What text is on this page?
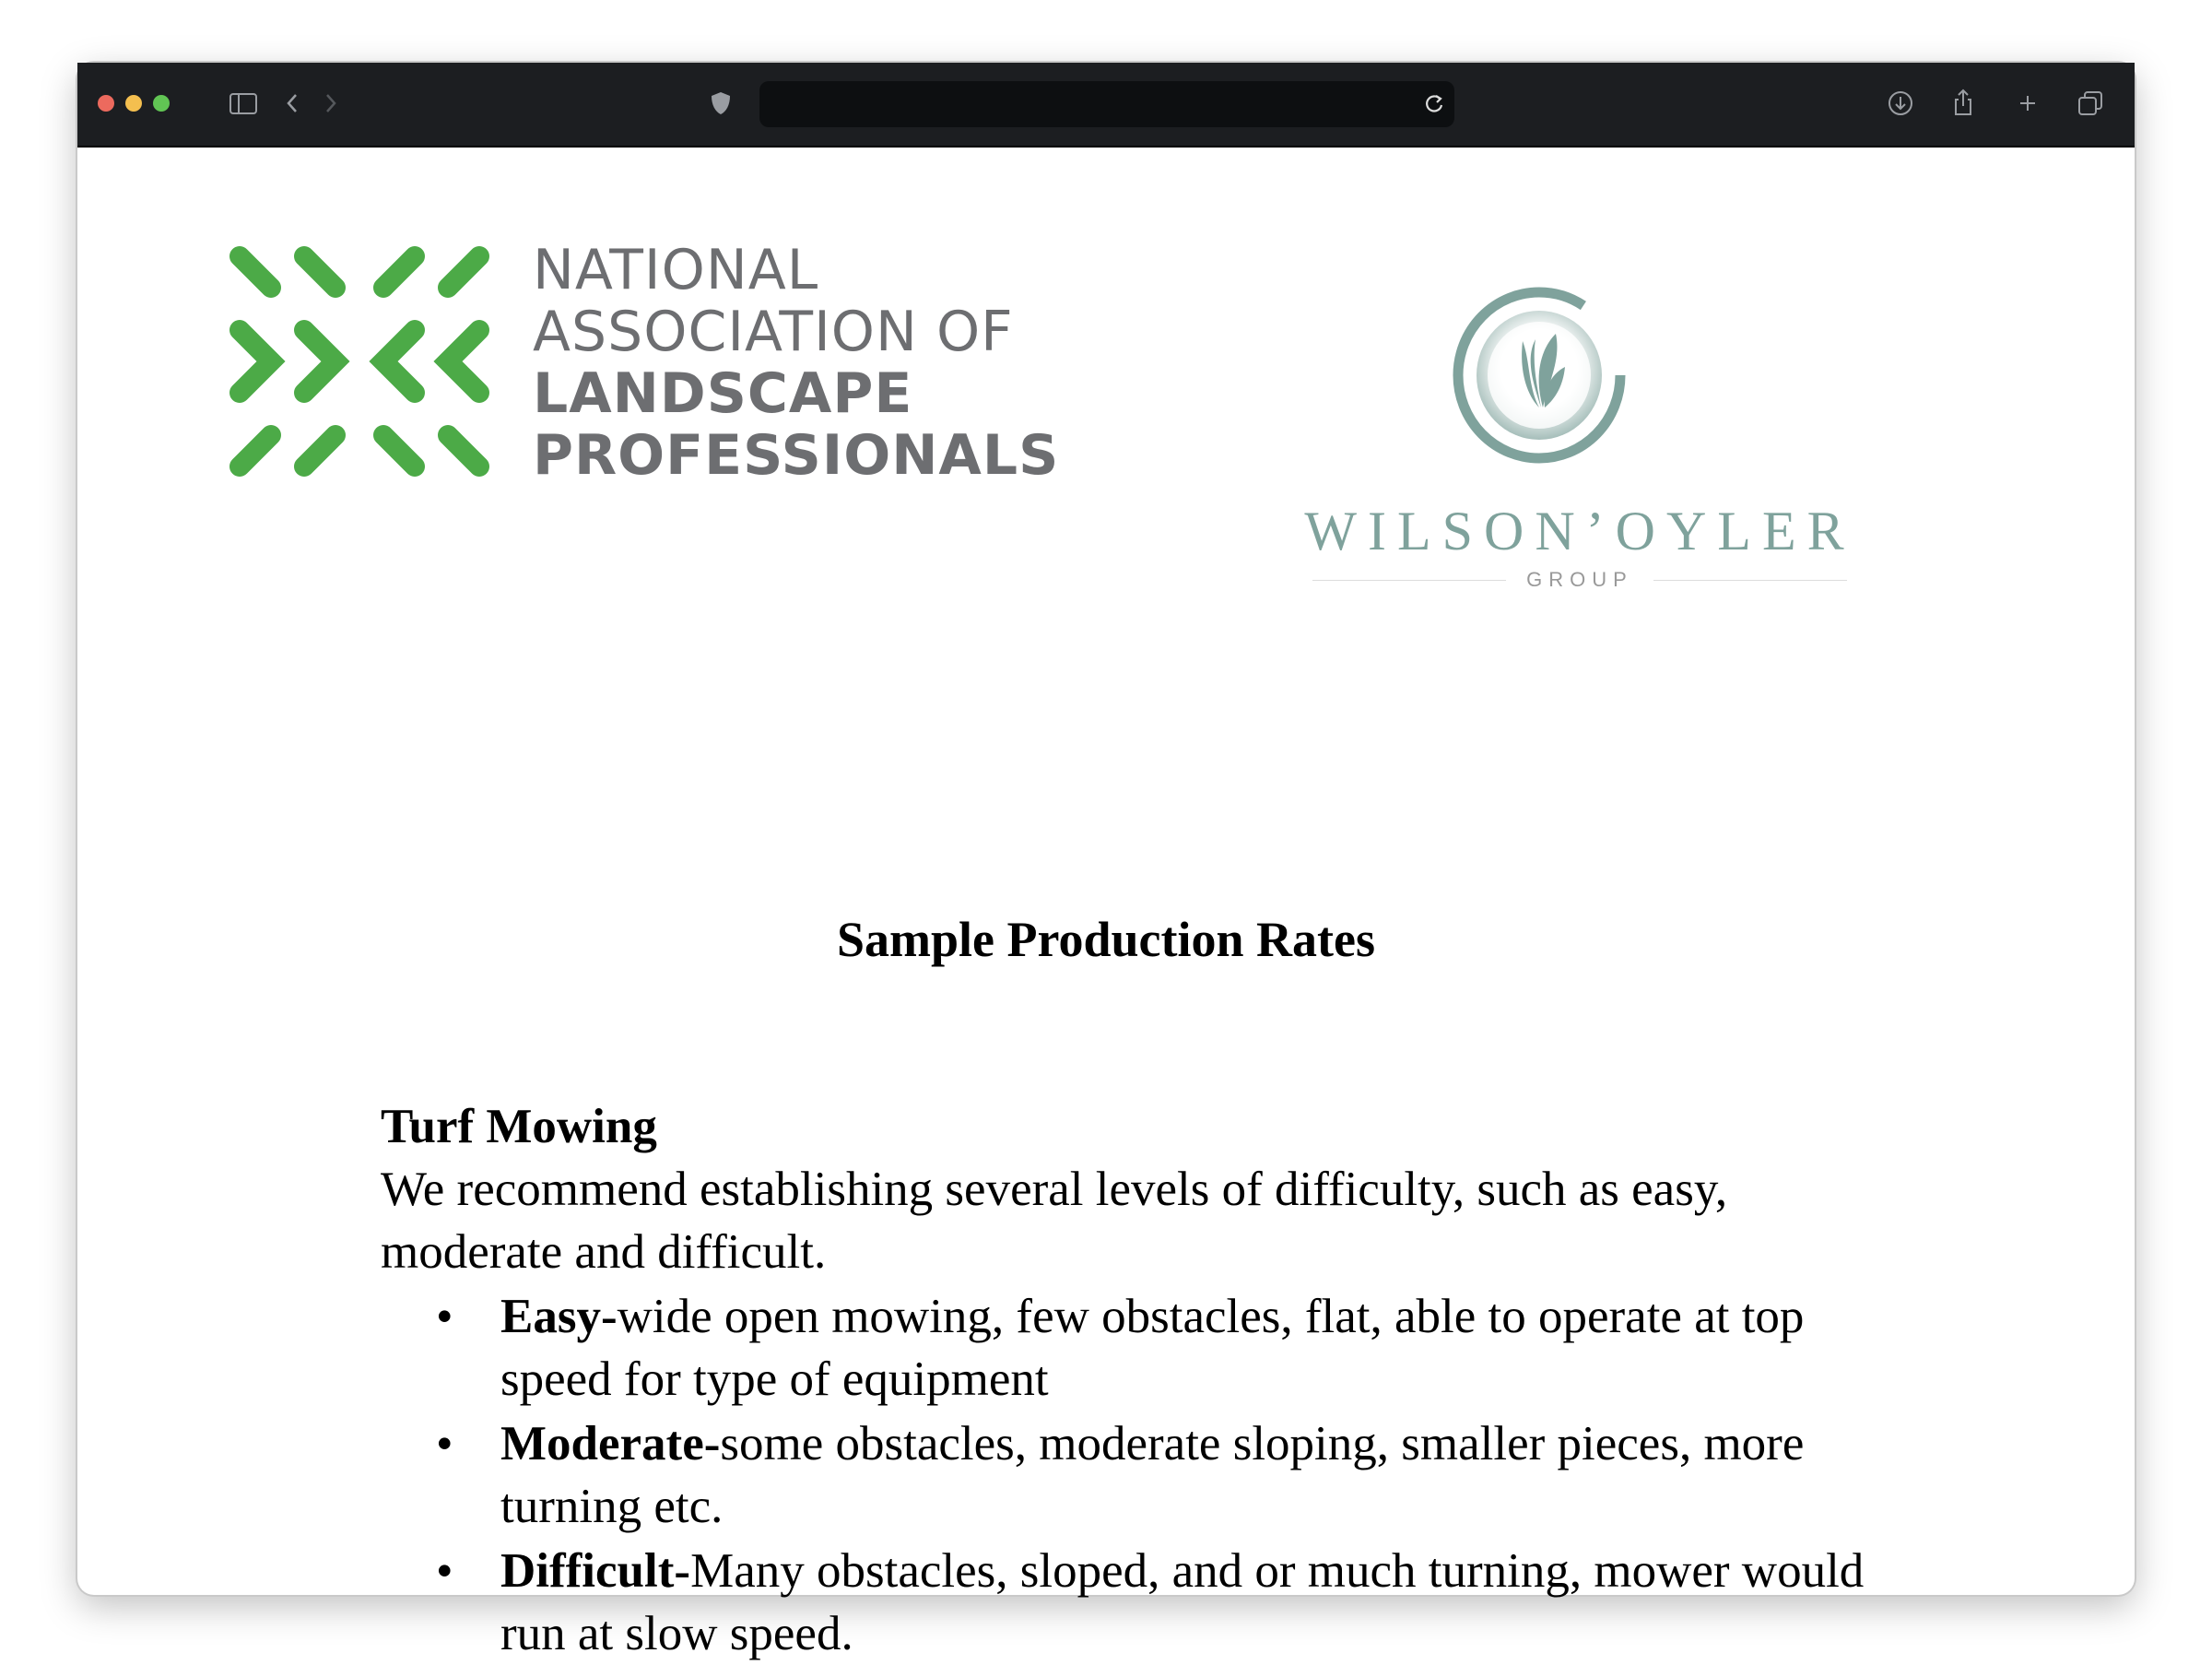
NATIONAL
ASSOCIATION OF
LANDSCAPE
PROFESSIONALS
WILSON’OYLER
GROUP
Sample Production Rates
Turf Mowing
We recommend establishing several levels of difficulty, such as easy, moderate and difficult.
• Easy-wide open mowing, few obstacles, flat, able to operate at top speed for type of equipment
• Moderate-some obstacles, moderate sloping, smaller pieces, more turning etc.
• Difficult-Many obstacles, sloped, and or much turning, mower would run at slow speed.
